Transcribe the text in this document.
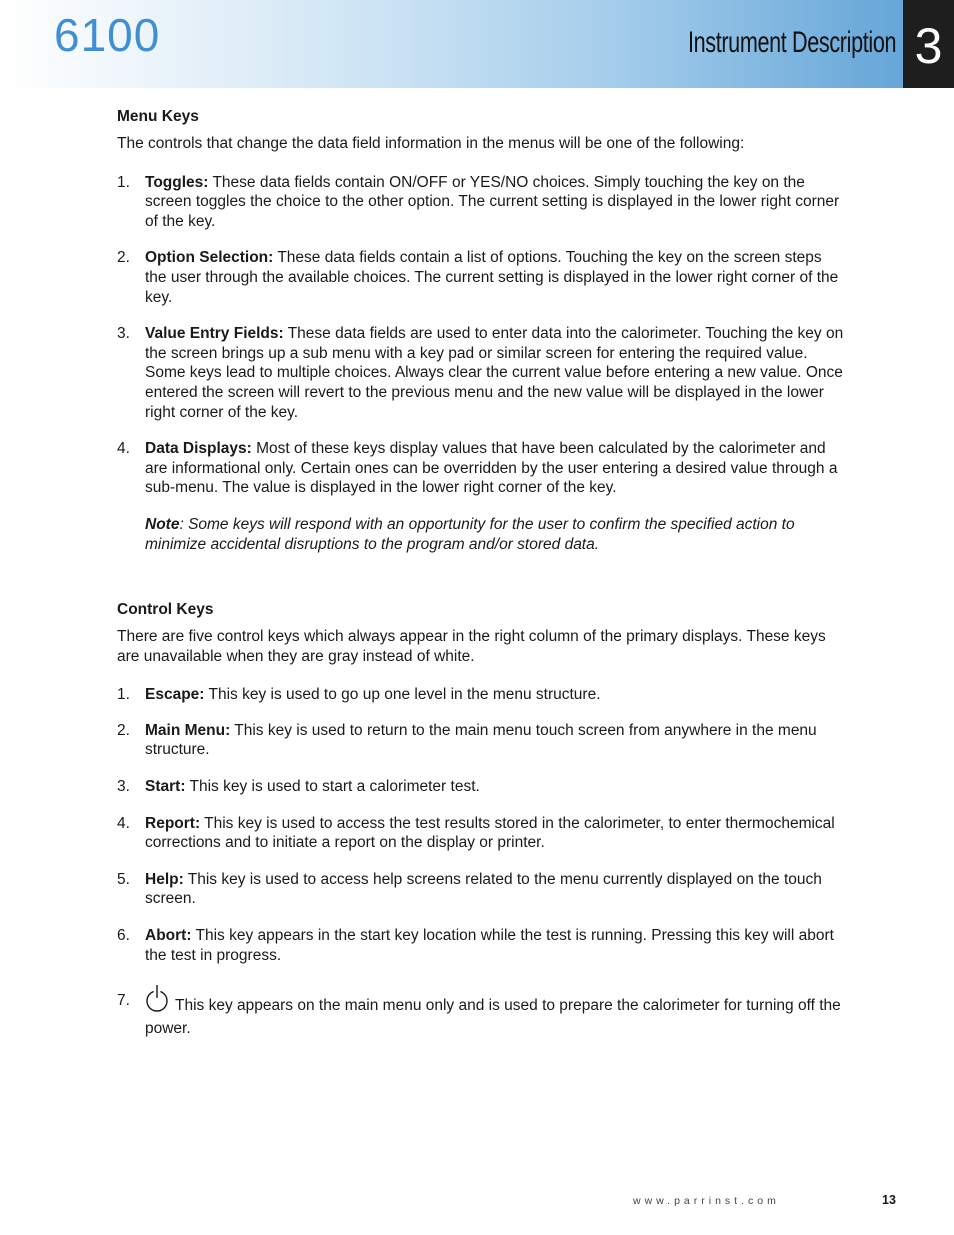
6100	Instrument Description 3
Menu Keys

The controls that change the data field information in the menus will be one of the following:

1. Toggles: These data fields contain ON/OFF or YES/NO choices. Simply touching the key on the screen toggles the choice to the other option. The current setting is displayed in the lower right corner of the key.
2. Option Selection: These data fields contain a list of options. Touching the key on the screen steps the user through the available choices. The current setting is displayed in the lower right corner of the key.
3. Value Entry Fields: These data fields are used to enter data into the calorimeter. Touching the key on the screen brings up a sub menu with a key pad or similar screen for entering the required value. Some keys lead to multiple choices. Always clear the current value before entering a new value. Once entered the screen will revert to the previous menu and the new value will be displayed in the lower right corner of the key.
4. Data Displays: Most of these keys display values that have been calculated by the calorimeter and are informational only. Certain ones can be overridden by the user entering a desired value through a sub-menu. The value is displayed in the lower right corner of the key.

Note: Some keys will respond with an opportunity for the user to confirm the specified action to minimize accidental disruptions to the program and/or stored data.

Control Keys

There are five control keys which always appear in the right column of the primary displays. These keys are unavailable when they are gray instead of white.

1. Escape: This key is used to go up one level in the menu structure.
2. Main Menu: This key is used to return to the main menu touch screen from anywhere in the menu structure.
3. Start: This key is used to start a calorimeter test.
4. Report: This key is used to access the test results stored in the calorimeter, to enter thermochemical corrections and to initiate a report on the display or printer.
5. Help: This key is used to access help screens related to the menu currently displayed on the touch screen.
6. Abort: This key appears in the start key location while the test is running. Pressing this key will abort the test in progress.
7.	This key appears on the main menu only and is used to prepare the calorimeter for turning off the power.
www.parrinst.com	13
